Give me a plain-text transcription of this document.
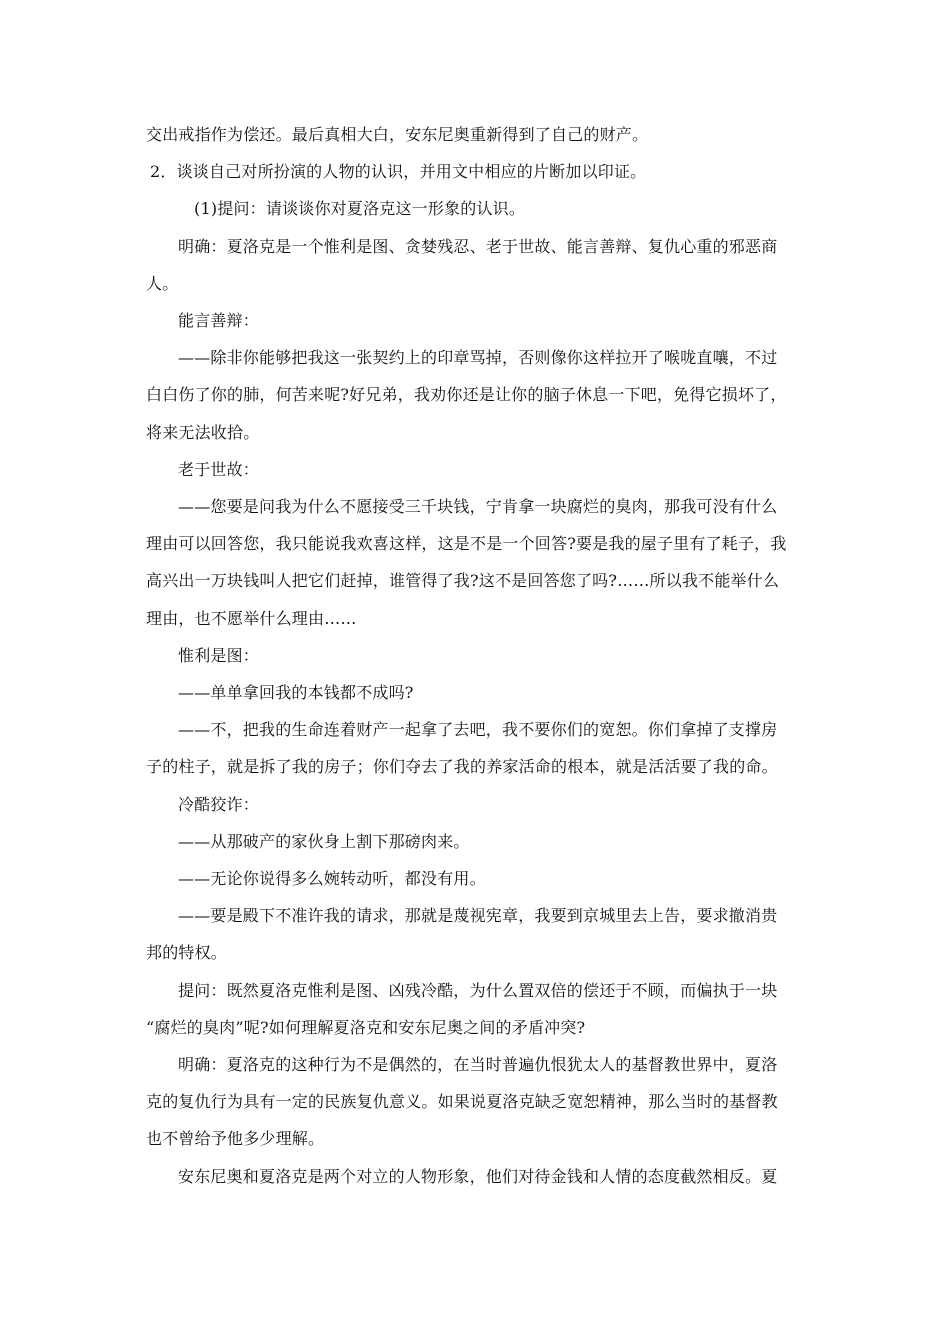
交出戒指作为偿还。最后真相大白，安东尼奥重新得到了自己的财产。
2．谈谈自己对所扮演的人物的认识，并用文中相应的片断加以印证。
(1)提问：请谈谈你对夏洛克这一形象的认识。
明确：夏洛克是一个惟利是图、贪婪残忍、老于世故、能言善辩、复仇心重的邪恶商
人。
能言善辩：
——除非你能够把我这一张契约上的印章骂掉，否则像你这样拉开了喉咙直嚷，不过
白白伤了你的肺，何苦来呢?好兄弟，我劝你还是让你的脑子休息一下吧，免得它损坏了，
将来无法收拾。
老于世故：
——您要是问我为什么不愿接受三千块钱，宁肯拿一块腐烂的臭肉，那我可没有什么
理由可以回答您，我只能说我欢喜这样，这是不是一个回答?要是我的屋子里有了耗子，我
高兴出一万块钱叫人把它们赶掉，谁管得了我?这不是回答您了吗?……所以我不能举什么
理由，也不愿举什么理由……
惟利是图：
——单单拿回我的本钱都不成吗?
——不，把我的生命连着财产一起拿了去吧，我不要你们的宽恕。你们拿掉了支撑房
子的柱子，就是拆了我的房子；你们夺去了我的养家活命的根本，就是活活要了我的命。
冷酷狡诈：
——从那破产的家伙身上割下那磅肉来。
——无论你说得多么婉转动听，都没有用。
——要是殿下不准许我的请求，那就是蔑视宪章，我要到京城里去上告，要求撤消贵
邦的特权。
提问：既然夏洛克惟利是图、凶残冷酷，为什么置双倍的偿还于不顾，而偏执于一块
“腐烂的臭肉”呢?如何理解夏洛克和安东尼奥之间的矛盾冲突?
明确：夏洛克的这种行为不是偶然的，在当时普遍仇恨犹太人的基督教世界中，夏洛
克的复仇行为具有一定的民族复仇意义。如果说夏洛克缺乏宽恕精神，那么当时的基督教
也不曾给予他多少理解。
安东尼奥和夏洛克是两个对立的人物形象，他们对待金钱和人情的态度截然相反。夏
